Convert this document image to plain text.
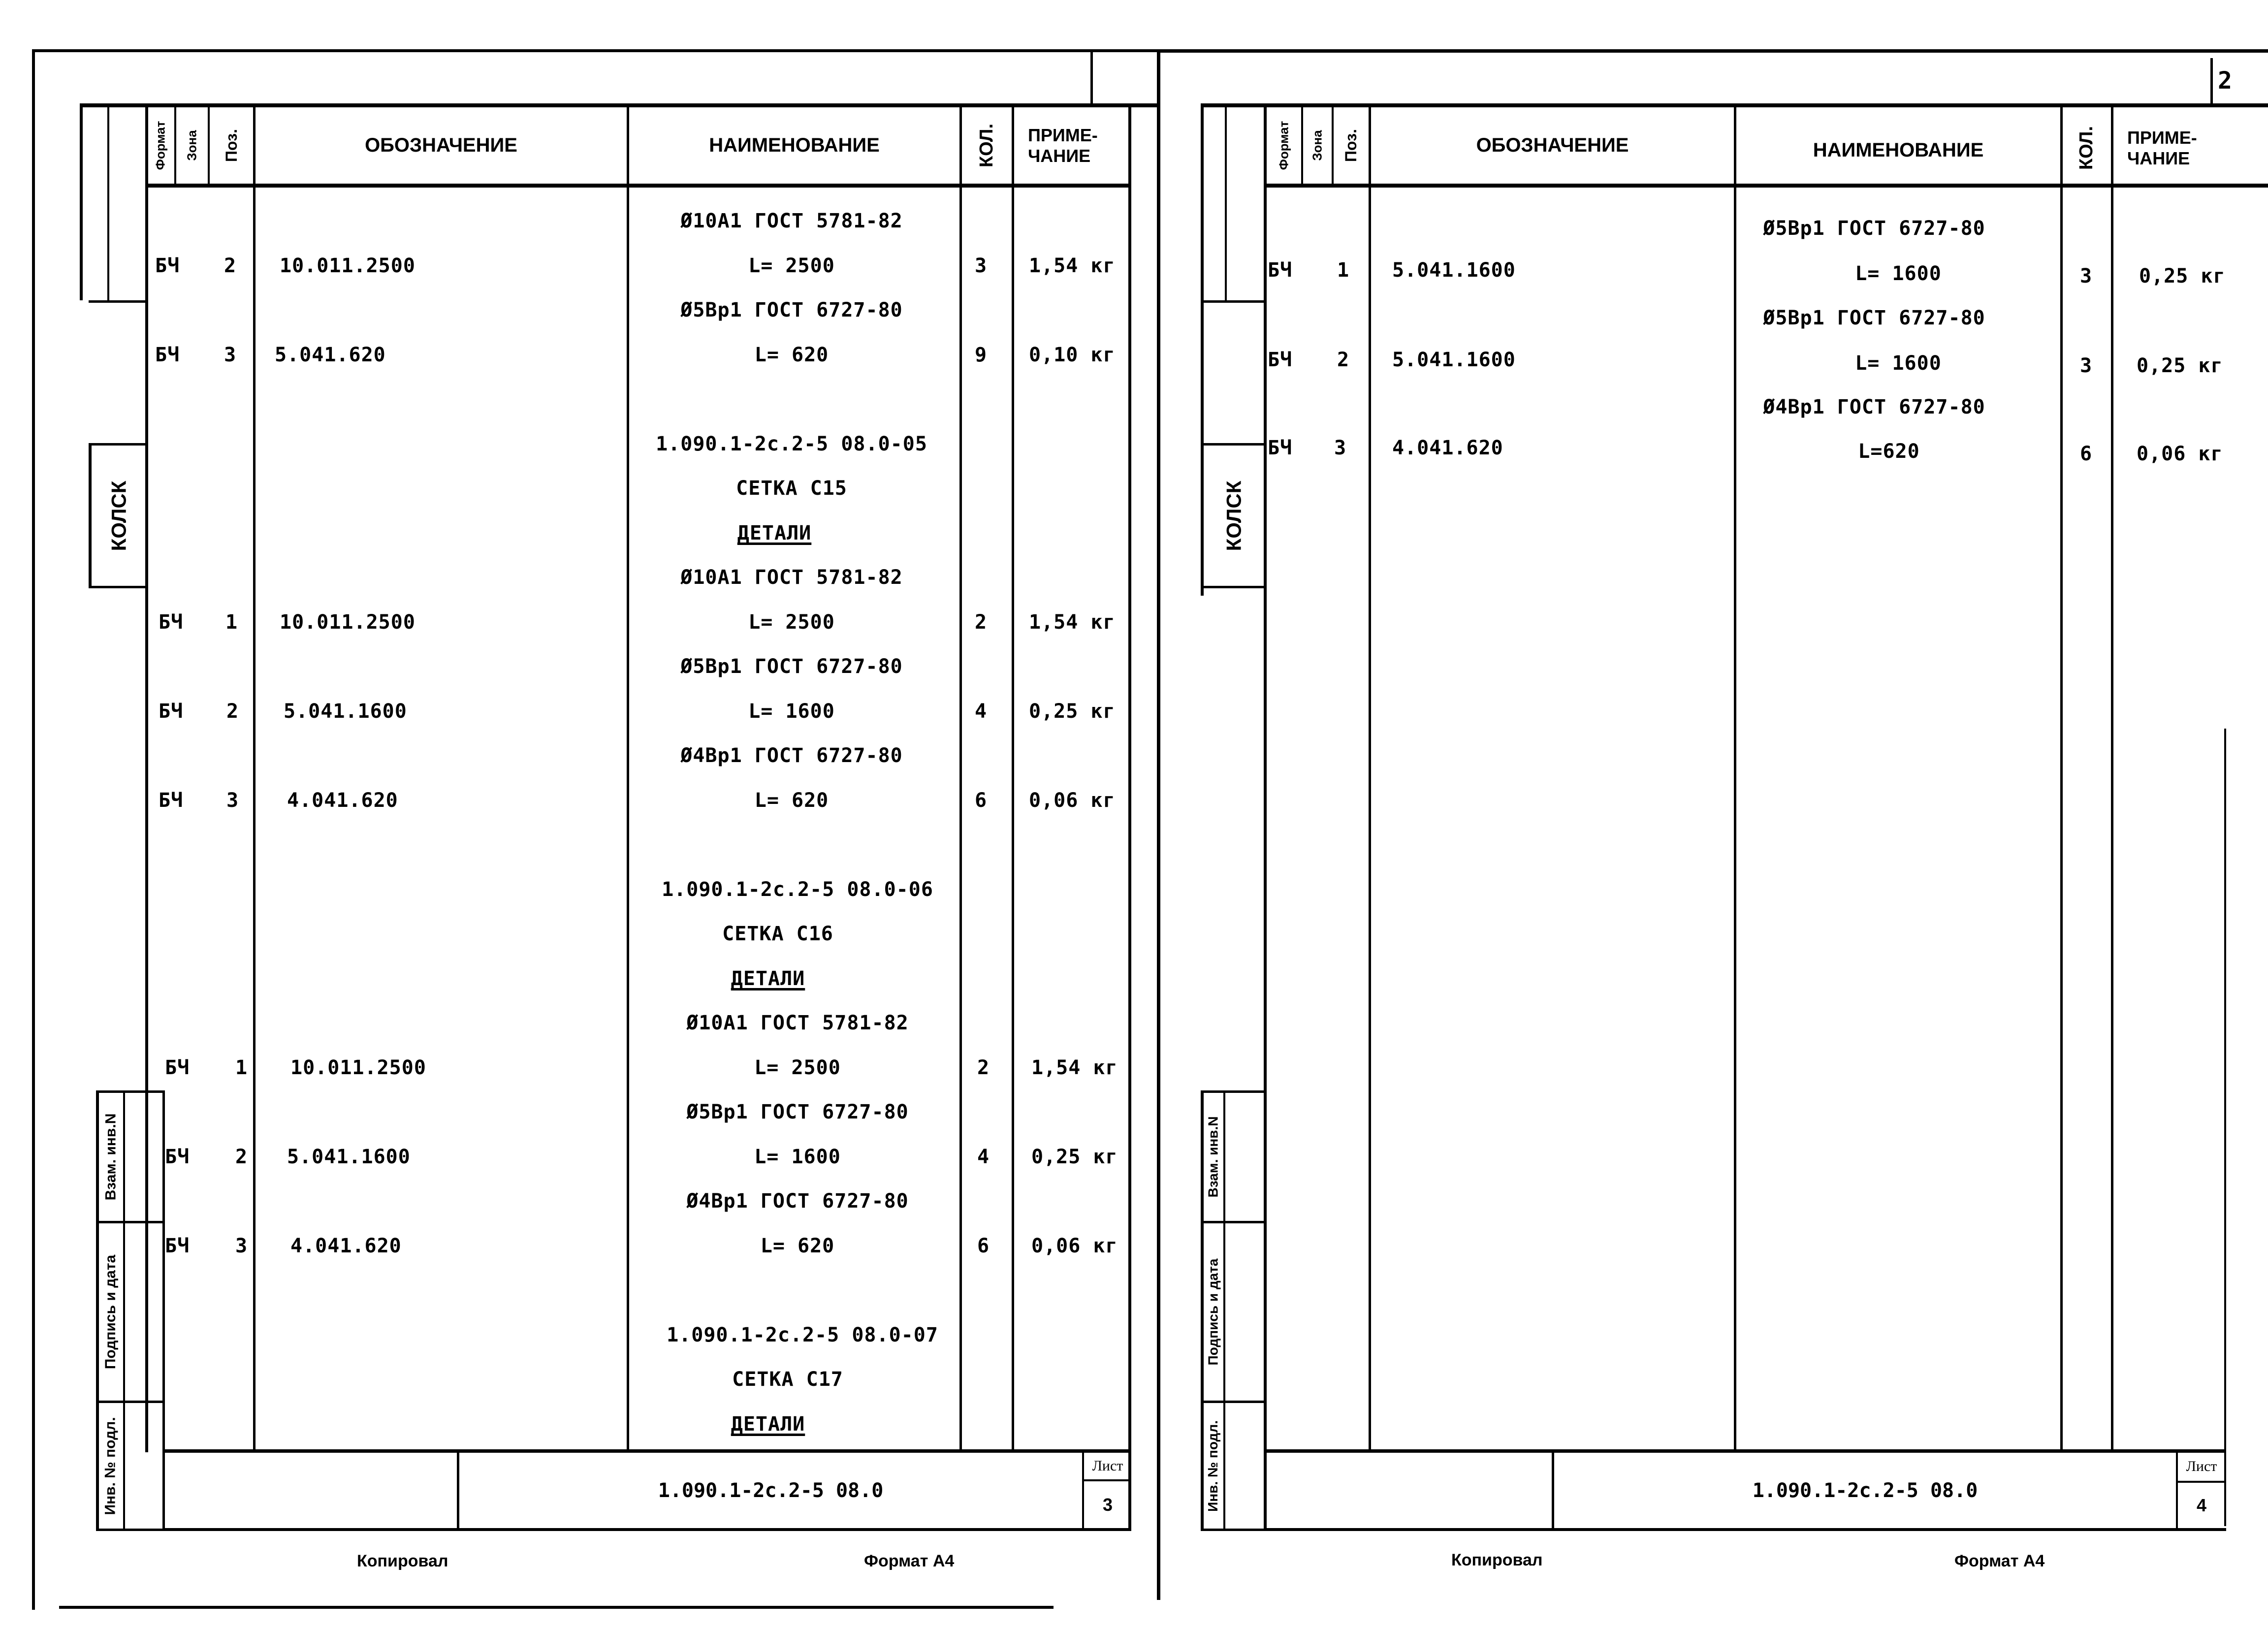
КОЛСК
Взам. инв.N
Подпись и дата
Инв. № подл.
Формат Зона Поз.	ОБОЗНАЧЕНИЕ	НАИМЕНОВАНИЕ	КОЛ. ПРИМЕ-
ЧАНИЕ
Ø10А1 ГОСТ 5781-82
БЧ 2 10.011.2500	L= 2500	3 1,54 кг
Ø5Вр1 ГОСТ 6727-80
БЧ 3 5.041.620	L= 620	9 0,10 кг
1.090.1-2с.2-5 08.0-05
СЕТКА С15
ДЕТАЛИ
Ø10А1 ГОСТ 5781-82
БЧ 1 10.011.2500	L= 2500	2 1,54 кг
Ø5Вр1 ГОСТ 6727-80
БЧ 2 5.041.1600	L= 1600	4 0,25 кг
Ø4Вр1 ГОСТ 6727-80
БЧ 3 4.041.620	L= 620	6 0,06 кг
1.090.1-2с.2-5 08.0-06
СЕТКА С16
ДЕТАЛИ
Ø10А1 ГОСТ 5781-82
БЧ 1 10.011.2500	L= 2500	2 1,54 кг
Ø5Вр1 ГОСТ 6727-80
БЧ 2 5.041.1600	L= 1600	4 0,25 кг
Ø4Вр1 ГОСТ 6727-80
БЧ 3 4.041.620	L= 620	6 0,06 кг
1.090.1-2с.2-5 08.0-07
СЕТКА С17
ДЕТАЛИ
1.090.1-2с.2-5 08.0
Лист
3
Копировал	Формат А4
2
КОЛСК
Взам. инв.N
Подпись и дата
Инв. № подл.
Формат Зона Поз.	ОБОЗНАЧЕНИЕ	НАИМЕНОВАНИЕ	КОЛ. ПРИМЕ-
ЧАНИЕ
Ø5Вр1 ГОСТ 6727-80
БЧ 1 5.041.1600	L= 1600	3 0,25 кг
Ø5Вр1 ГОСТ 6727-80
БЧ 2 5.041.1600	L= 1600	3 0,25 кг
Ø4Вр1 ГОСТ 6727-80
БЧ 3 4.041.620	L=620	6 0,06 кг
1.090.1-2с.2-5 08.0
Лист
4
Копировал	Формат А4
